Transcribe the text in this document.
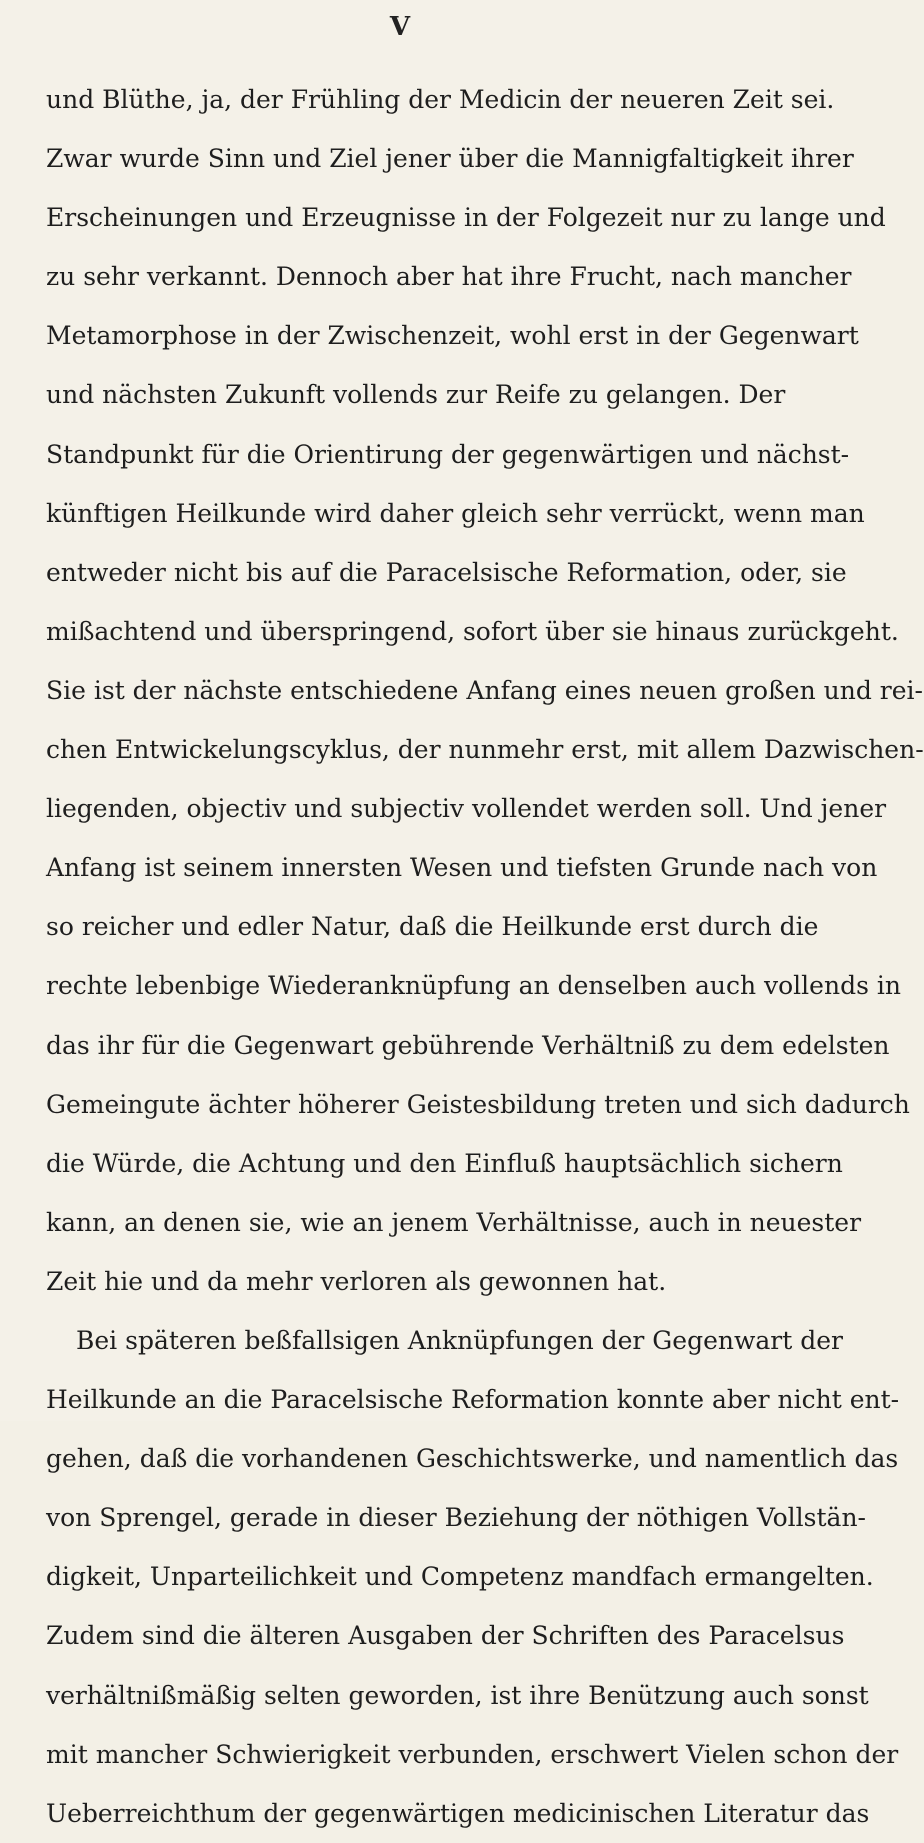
V
und Blüthe, ja, der Frühling der Medicin der neueren Zeit sei.
Zwar wurde Sinn und Ziel jener über die Mannigfaltigkeit ihrer
Erscheinungen und Erzeugnisse in der Folgezeit nur zu lange und
zu sehr verkannt. Dennoch aber hat ihre Frucht, nach mancher
Metamorphose in der Zwischenzeit, wohl erst in der Gegenwart
und nächsten Zukunft vollends zur Reife zu gelangen. Der
Standpunkt für die Orientirung der gegenwärtigen und nächst-
künftigen Heilkunde wird daher gleich sehr verrückt, wenn man
entweder nicht bis auf die Paracelsische Reformation, oder, sie
mißachtend und überspringend, sofort über sie hinaus zurückgeht.
Sie ist der nächste entschiedene Anfang eines neuen großen und rei-
chen Entwickelungscyklus, der nunmehr erst, mit allem Dazwischen-
liegenden, objectiv und subjectiv vollendet werden soll. Und jener
Anfang ist seinem innersten Wesen und tiefsten Grunde nach von
so reicher und edler Natur, daß die Heilkunde erst durch die
rechte lebenbige Wiederanknüpfung an denselben auch vollends in
das ihr für die Gegenwart gebührende Verhältniß zu dem edelsten
Gemeingute ächter höherer Geistesbildung treten und sich dadurch
die Würde, die Achtung und den Einfluß hauptsächlich sichern
kann, an denen sie, wie an jenem Verhältnisse, auch in neuester
Zeit hie und da mehr verloren als gewonnen hat.
Bei späteren beßfallsigen Anknüpfungen der Gegenwart der
Heilkunde an die Paracelsische Reformation konnte aber nicht ent-
gehen, daß die vorhandenen Geschichtswerke, und namentlich das
von Sprengel, gerade in dieser Beziehung der nöthigen Vollstän-
digkeit, Unparteilichkeit und Competenz mandfach ermangelten.
Zudem sind die älteren Ausgaben der Schriften des Paracelsus
verhältnißmäßig selten geworden, ist ihre Benützung auch sonst
mit mancher Schwierigkeit verbunden, erschwert Vielen schon der
Ueberreichthum der gegenwärtigen medicinischen Literatur das
